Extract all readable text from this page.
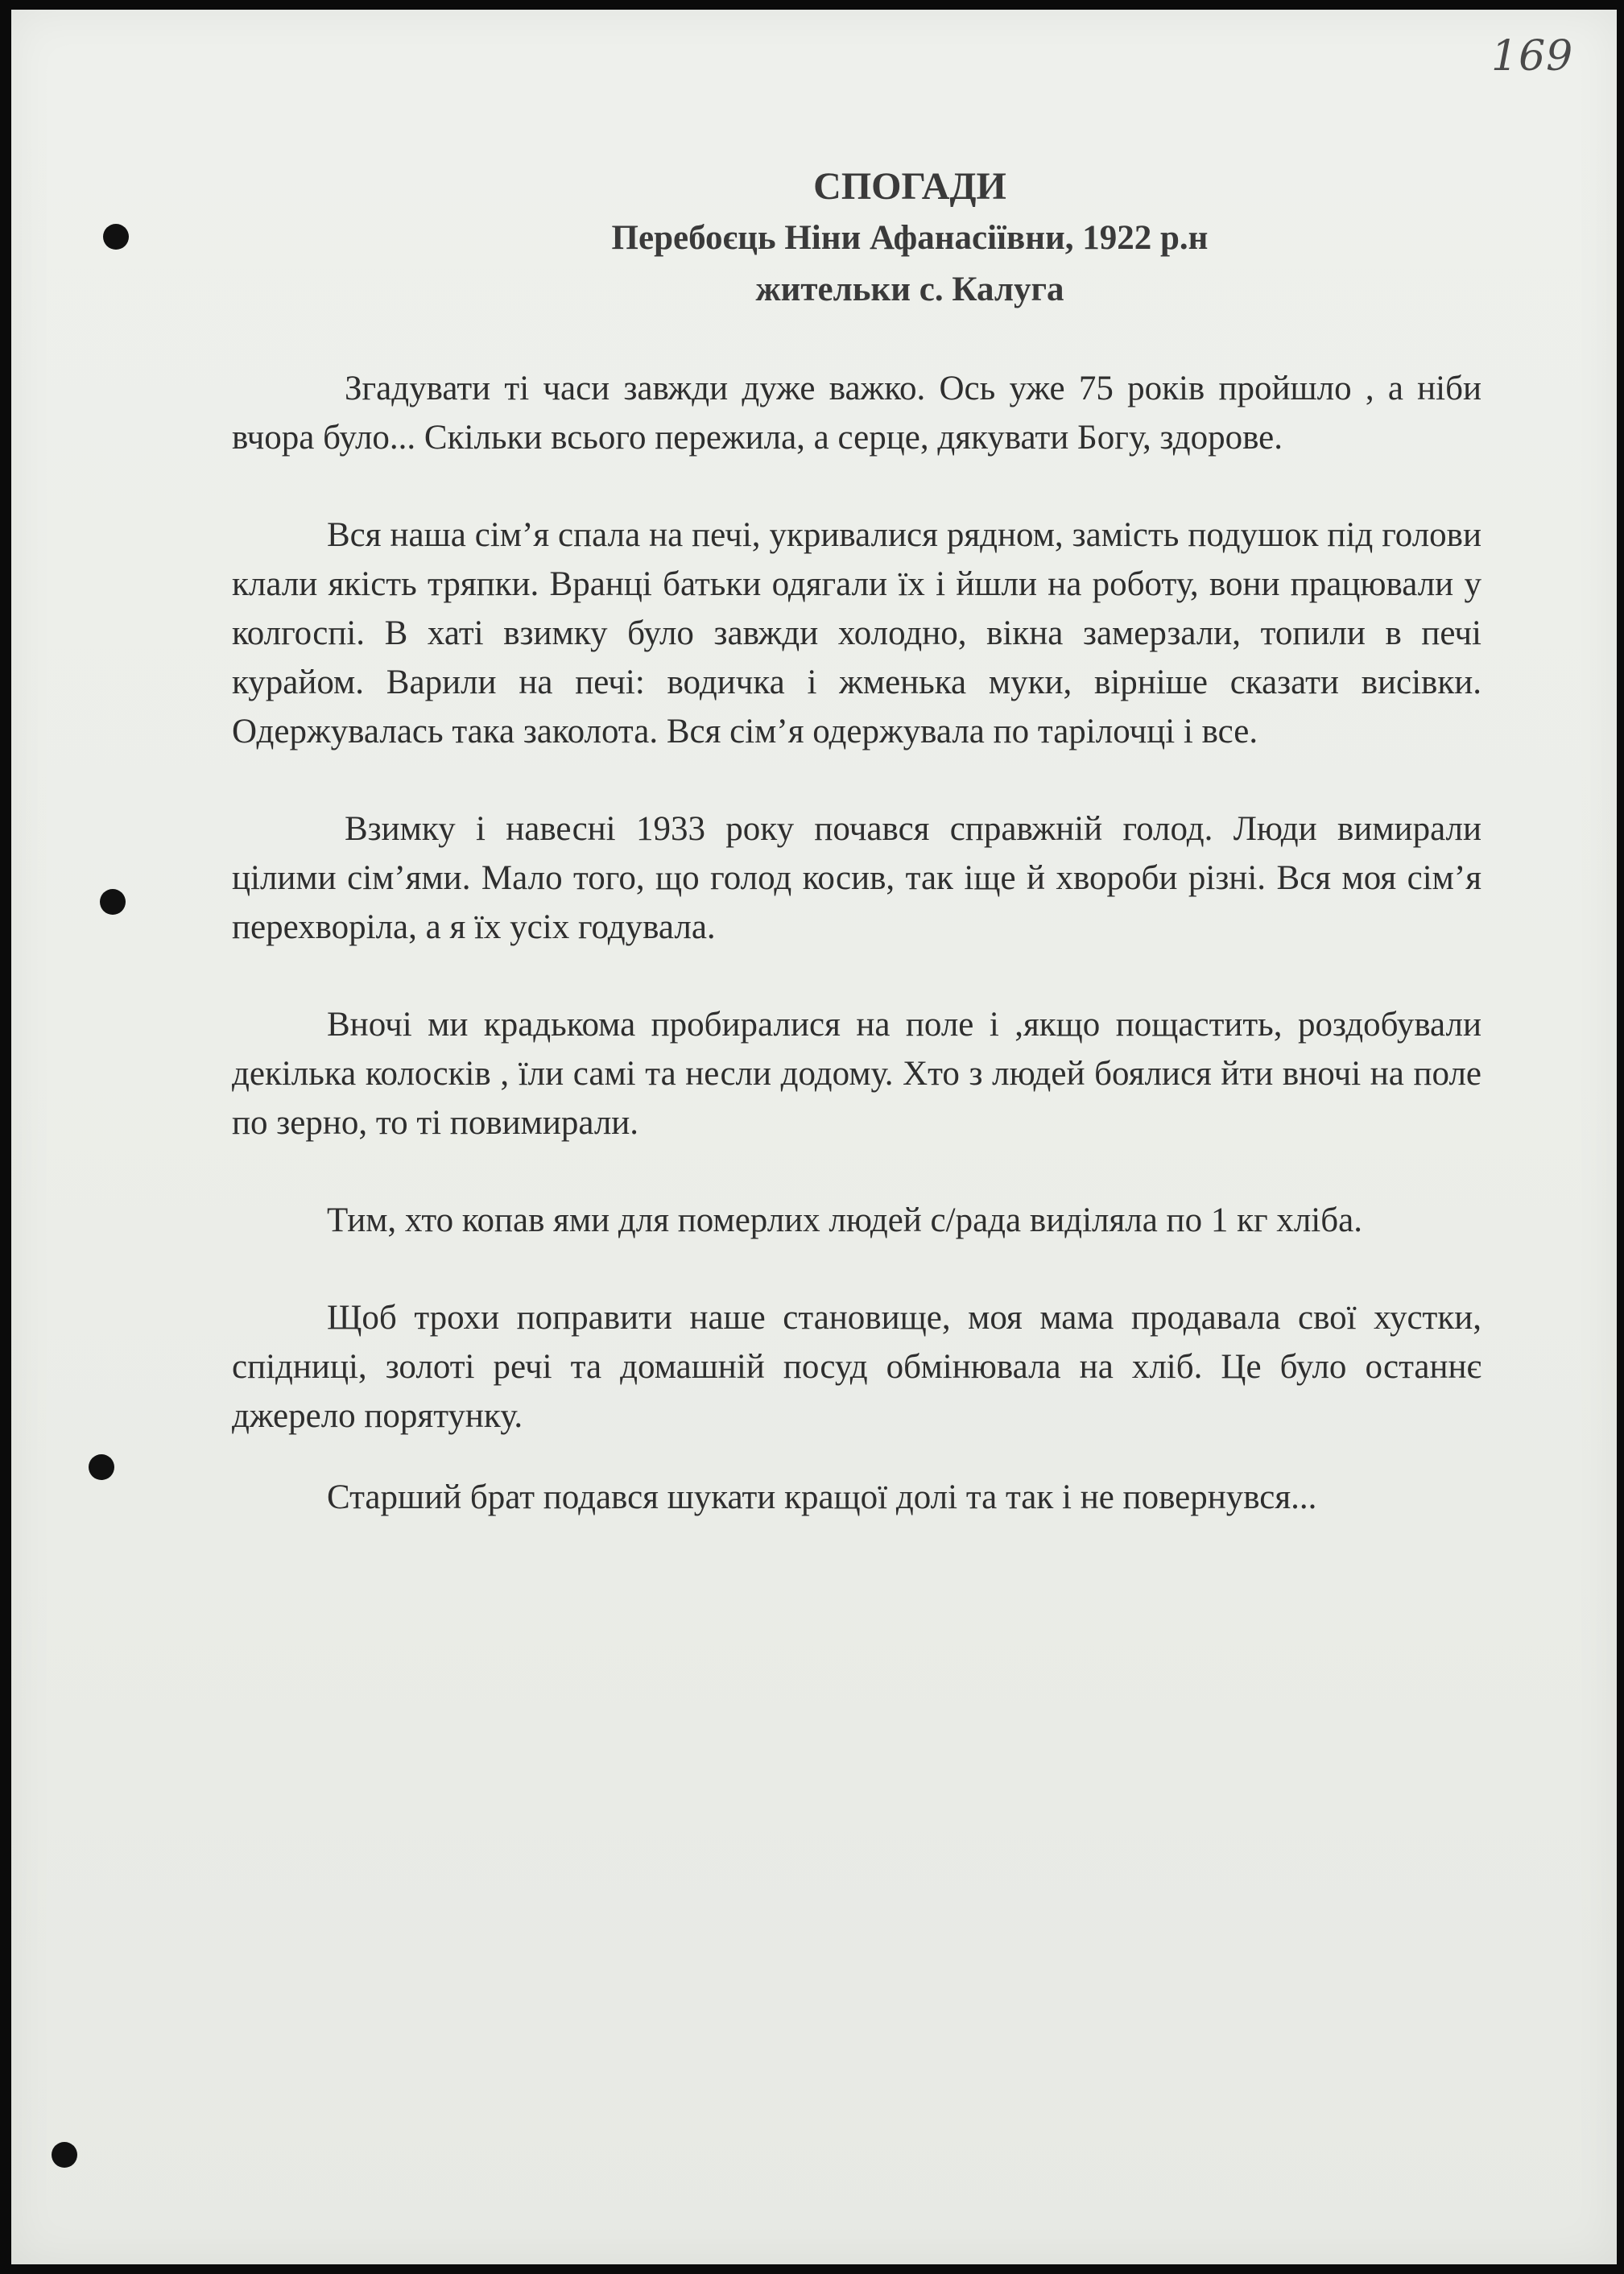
169
СПОГАДИ
Перебоєць Ніни Афанасіївни, 1922 р.н
жительки с. Калуга

Згадувати ті часи завжди дуже важко. Ось уже 75 років пройшло , а ніби вчора було... Скільки всього пережила, а серце, дякувати Богу, здорове.

Вся наша сім’я спала на печі, укривалися рядном, замість подушок під голови клали якість тряпки. Вранці батьки одягали їх і йшли на роботу, вони працювали у колгоспі. В хаті взимку було завжди холодно, вікна замерзали, топили в печі курайом. Варили на печі: водичка і жменька муки, вірніше сказати висівки. Одержувалась така заколота. Вся сім’я одержувала по тарілочці і все.

Взимку і навесні 1933 року почався справжній голод. Люди вимирали цілими сім’ями. Мало того, що голод косив, так іще й хвороби різні. Вся моя сім’я перехворіла, а я їх усіх годувала.

Вночі ми крадькома пробиралися на поле і ,якщо пощастить, роздобували декілька колосків , їли самі та несли додому. Хто з людей боялися йти вночі на поле по зерно, то ті повимирали.

Тим, хто копав ями для померлих людей с/рада виділяла по 1 кг хліба.

Щоб трохи поправити наше становище, моя мама продавала свої хустки, спідниці, золоті речі та домашній посуд обмінювала на хліб. Це було останнє джерело порятунку.

Старший брат подався шукати кращої долі та так і не повернувся...
